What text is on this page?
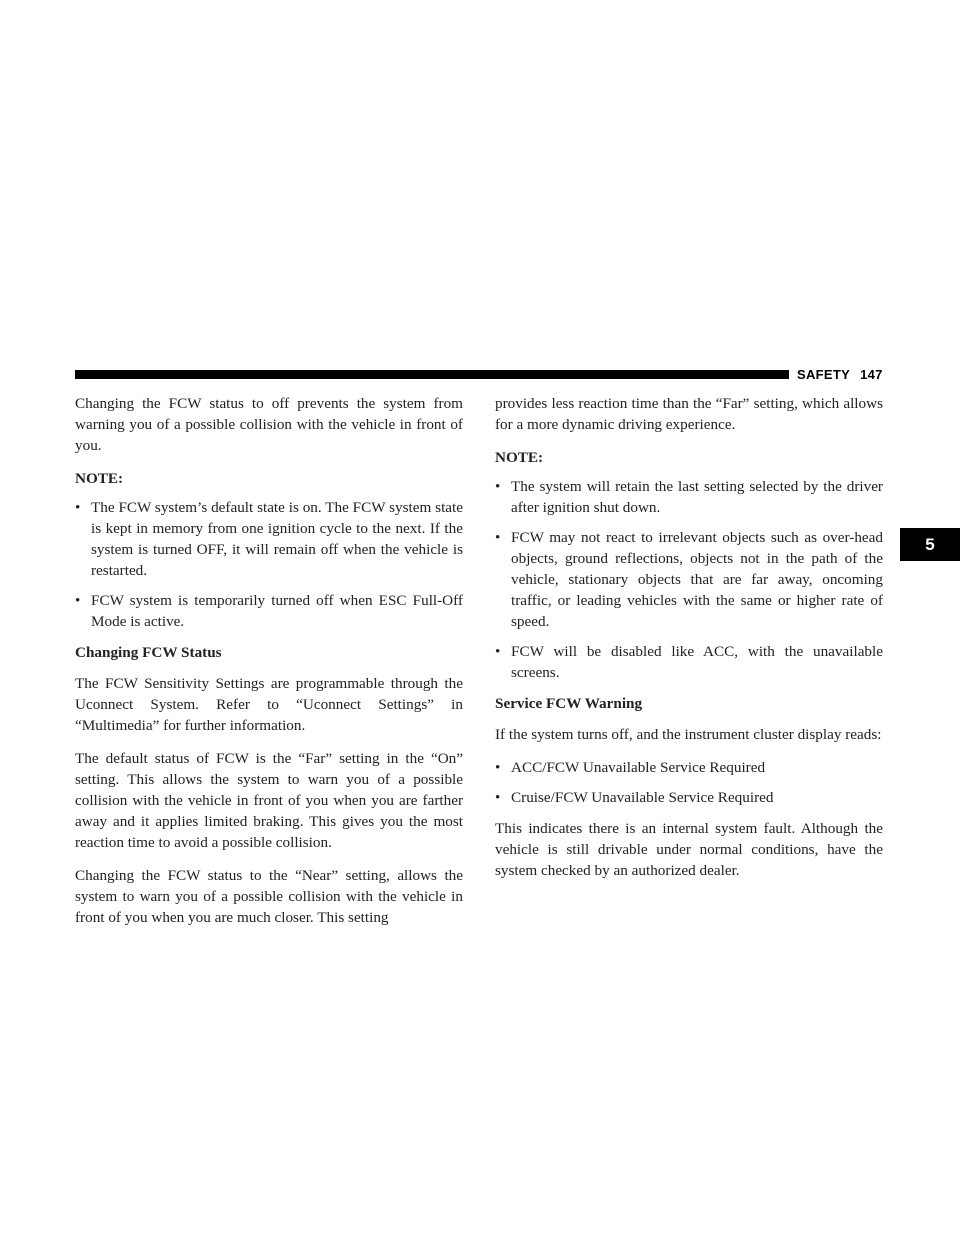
SAFETY 147
5

Changing the FCW status to off prevents the system from warning you of a possible collision with the vehicle in front of you.

NOTE:

•
The FCW system’s default state is on. The FCW system state is kept in memory from one ignition cycle to the next. If the system is turned OFF, it will remain off when the vehicle is restarted.
•
FCW system is temporarily turned off when ESC Full-Off Mode is active.

Changing FCW Status

The FCW Sensitivity Settings are programmable through the Uconnect System. Refer to “Uconnect Settings” in “Multimedia” for further information.

The default status of FCW is the “Far” setting in the “On” setting. This allows the system to warn you of a possible collision with the vehicle in front of you when you are farther away and it applies limited braking. This gives you the most reaction time to avoid a possible collision.

Changing the FCW status to the “Near” setting, allows the system to warn you of a possible collision with the vehicle in front of you when you are much closer. This setting

provides less reaction time than the “Far” setting, which allows for a more dynamic driving experience.

NOTE:

•
The system will retain the last setting selected by the driver after ignition shut down.
•
FCW may not react to irrelevant objects such as over-head objects, ground reflections, objects not in the path of the vehicle, stationary objects that are far away, oncoming traffic, or leading vehicles with the same or higher rate of speed.
•
FCW will be disabled like ACC, with the unavailable screens.

Service FCW Warning

If the system turns off, and the instrument cluster display reads:

•
ACC/FCW Unavailable Service Required
•
Cruise/FCW Unavailable Service Required

This indicates there is an internal system fault. Although the vehicle is still drivable under normal conditions, have the system checked by an authorized dealer.
